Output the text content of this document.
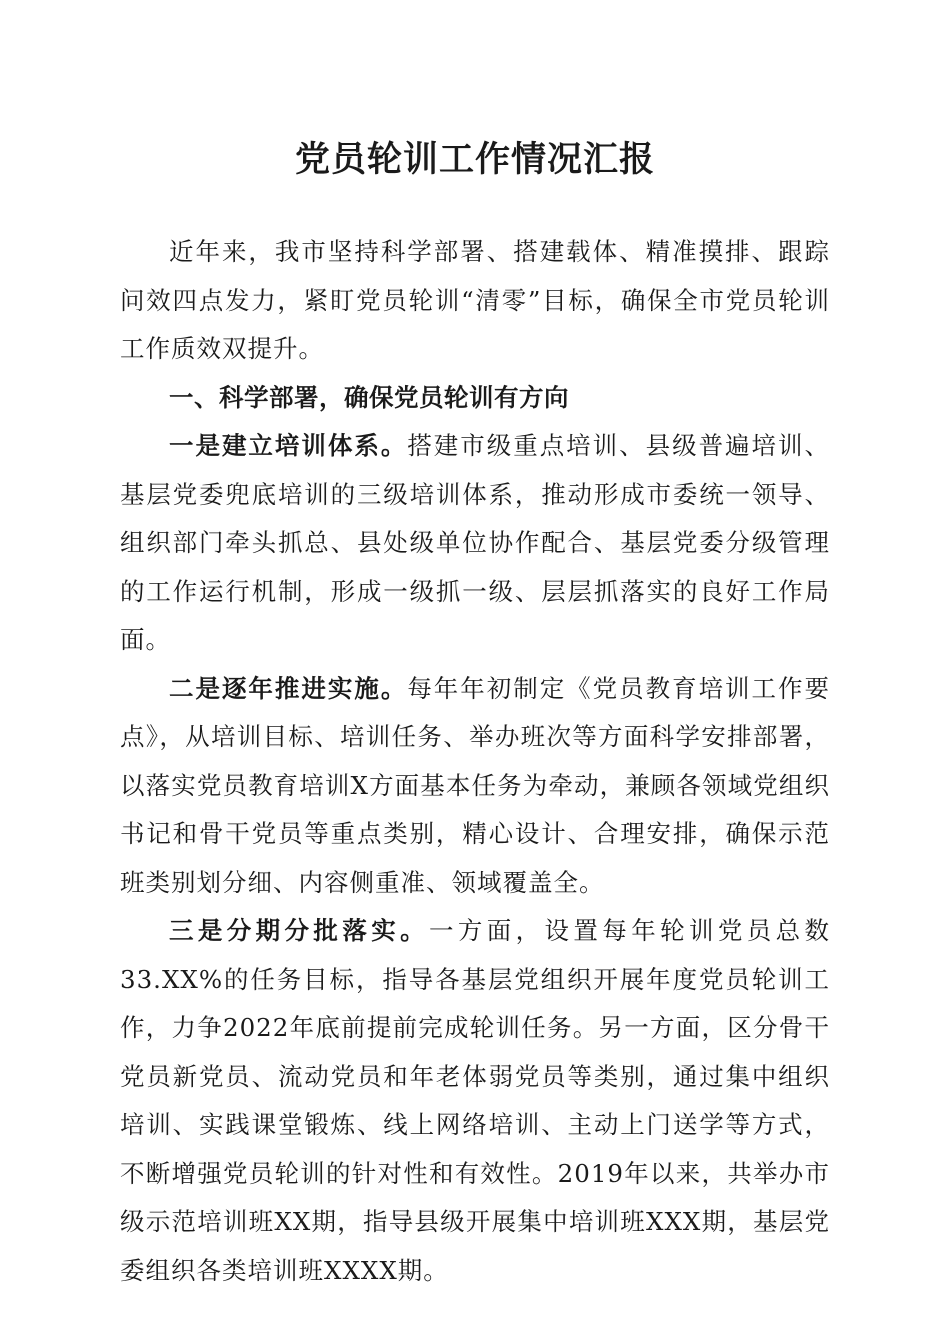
党员轮训工作情况汇报

近年来，我市坚持科学部署、搭建载体、精准摸排、跟踪问效四点发力，紧盯党员轮训“清零”目标，确保全市党员轮训工作质效双提升。

一、科学部署，确保党员轮训有方向

一是建立培训体系。搭建市级重点培训、县级普遍培训、基层党委兜底培训的三级培训体系，推动形成市委统一领导、组织部门牵头抓总、县处级单位协作配合、基层党委分级管理的工作运行机制，形成一级抓一级、层层抓落实的良好工作局面。

二是逐年推进实施。每年年初制定《党员教育培训工作要点》，从培训目标、培训任务、举办班次等方面科学安排部署，以落实党员教育培训X方面基本任务为牵动，兼顾各领域党组织书记和骨干党员等重点类别，精心设计、合理安排，确保示范班类别划分细、内容侧重准、领域覆盖全。

三是分期分批落实。一方面，设置每年轮训党员总数33.XX%的任务目标，指导各基层党组织开展年度党员轮训工作，力争2022年底前提前完成轮训任务。另一方面，区分骨干党员新党员、流动党员和年老体弱党员等类别，通过集中组织培训、实践课堂锻炼、线上网络培训、主动上门送学等方式，不断增强党员轮训的针对性和有效性。2019年以来，共举办市级示范培训班XX期，指导县级开展集中培训班XXX期，基层党委组织各类培训班XXXX期。
